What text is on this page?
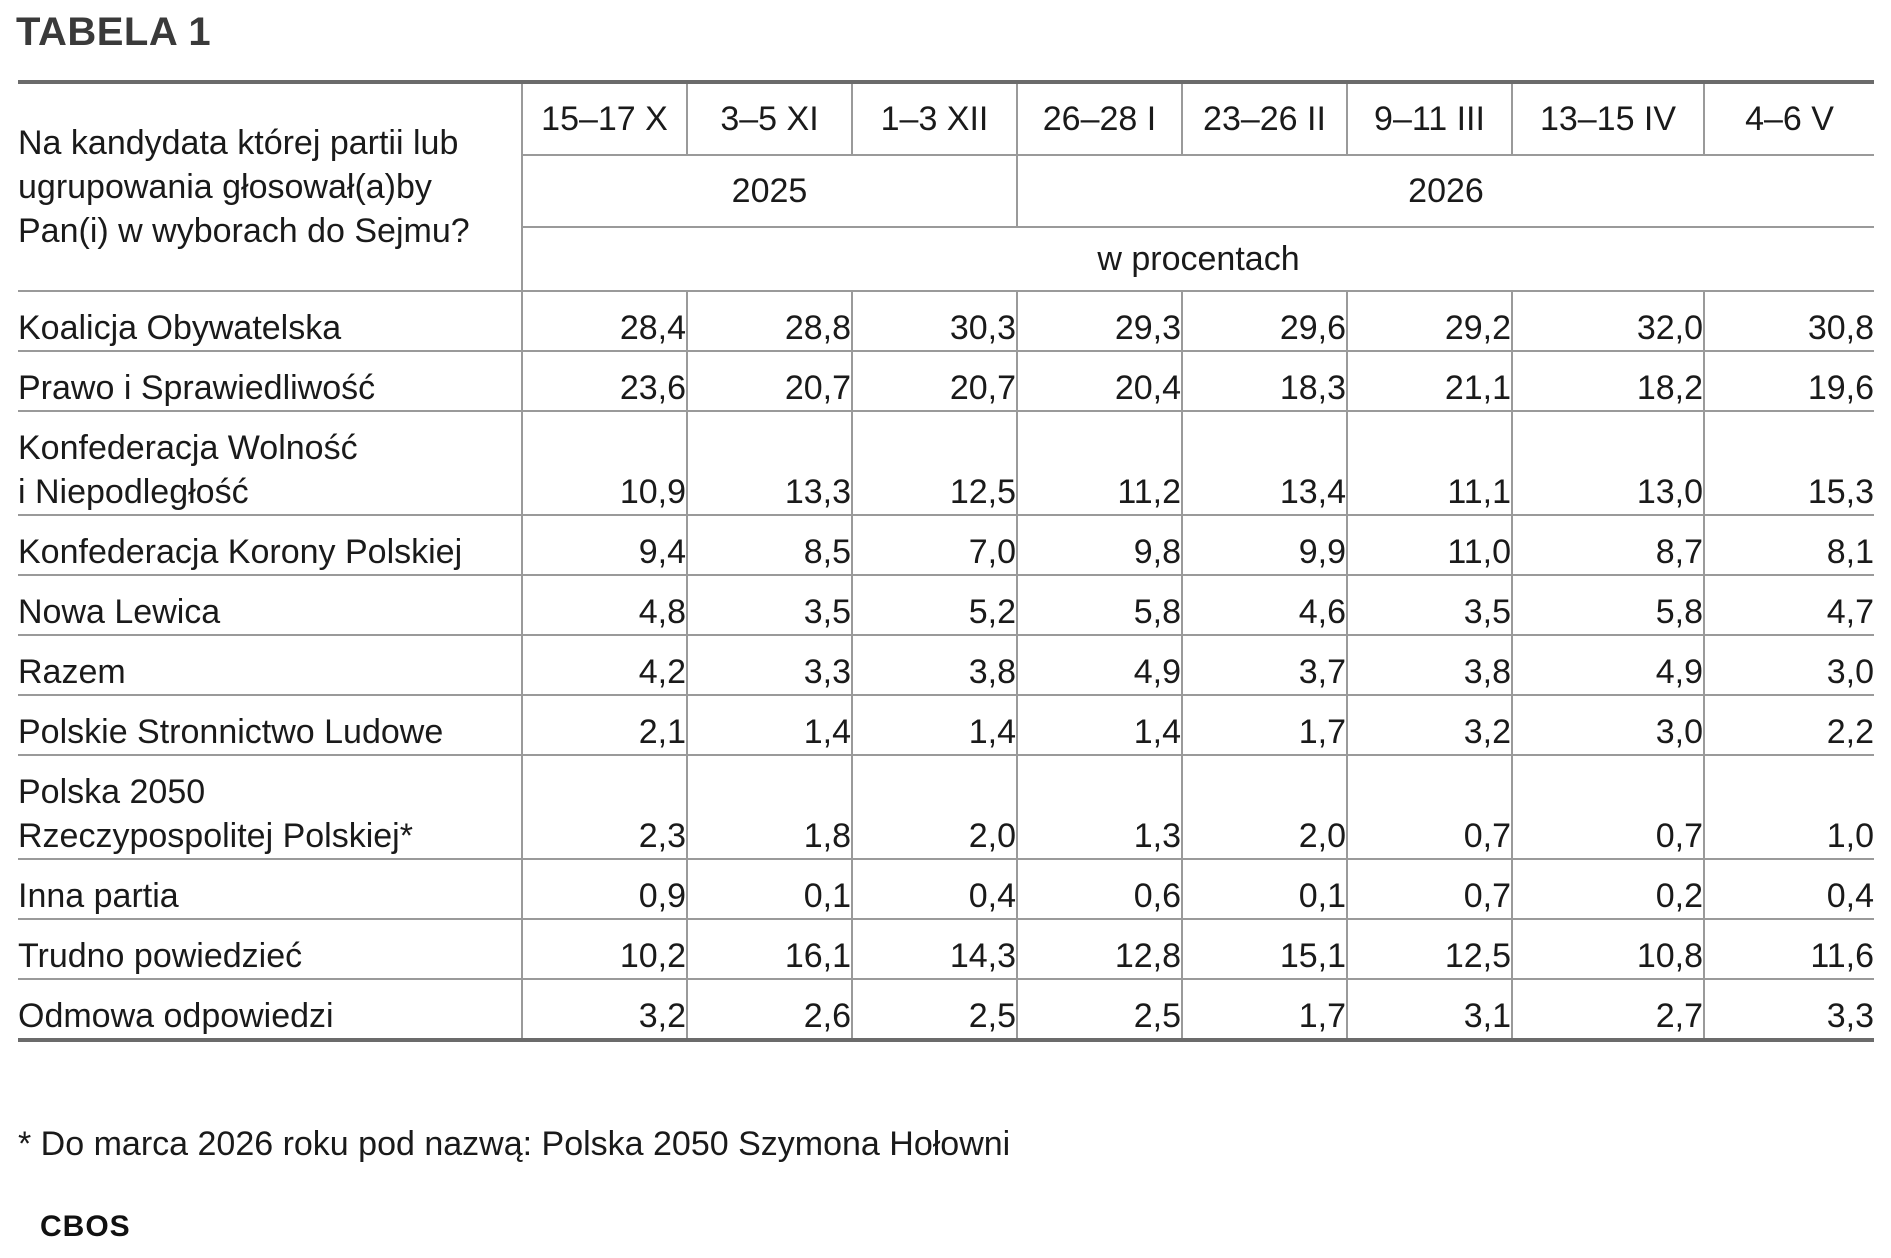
TABELA 1
Na kandydata której partii lub
ugrupowania głosował(a)by
Pan(i) w wyborach do Sejmu?	15–17 X	3–5 XI	1–3 XII	26–28 I	23–26 II	9–11 III	13–15 IV	4–6 V
	2025			2026				
	w procentach							
Koalicja Obywatelska	28,4	28,8	30,3	29,3	29,6	29,2	32,0	30,8
Prawo i Sprawiedliwość	23,6	20,7	20,7	20,4	18,3	21,1	18,2	19,6
Konfederacja Wolność
i Niepodległość	10,9	13,3	12,5	11,2	13,4	11,1	13,0	15,3
Konfederacja Korony Polskiej	9,4	8,5	7,0	9,8	9,9	11,0	8,7	8,1
Nowa Lewica	4,8	3,5	5,2	5,8	4,6	3,5	5,8	4,7
Razem	4,2	3,3	3,8	4,9	3,7	3,8	4,9	3,0
Polskie Stronnictwo Ludowe	2,1	1,4	1,4	1,4	1,7	3,2	3,0	2,2
Polska 2050
Rzeczypospolitej Polskiej*	2,3	1,8	2,0	1,3	2,0	0,7	0,7	1,0
Inna partia	0,9	0,1	0,4	0,6	0,1	0,7	0,2	0,4
Trudno powiedzieć	10,2	16,1	14,3	12,8	15,1	12,5	10,8	11,6
Odmowa odpowiedzi	3,2	2,6	2,5	2,5	1,7	3,1	2,7	3,3
* Do marca 2026 roku pod nazwą: Polska 2050 Szymona Hołowni
CBOS
